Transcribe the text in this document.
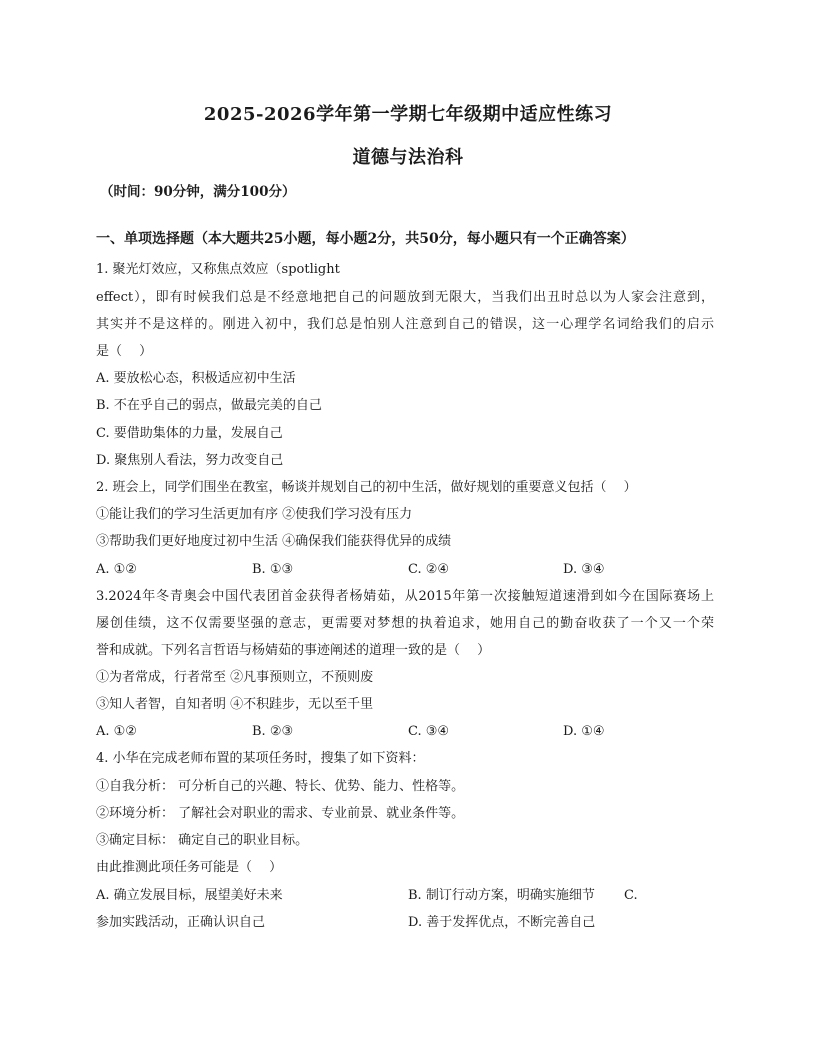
2025-2026学年第一学期七年级期中适应性练习
道德与法治科
（时间：90分钟，满分100分）
一、单项选择题（本大题共25小题，每小题2分，共50分，每小题只有一个正确答案）
1. 聚光灯效应，又称焦点效应（spotlight
effect），即有时候我们总是不经意地把自己的问题放到无限大，当我们出丑时总以为人家会注意到，
其实并不是这样的。刚进入初中，我们总是怕别人注意到自己的错误，这一心理学名词给我们的启示
是（　 ）
A. 要放松心态，积极适应初中生活
B. 不在乎自己的弱点，做最完美的自己
C. 要借助集体的力量，发展自己
D. 聚焦别人看法，努力改变自己
2. 班会上，同学们围坐在教室，畅谈并规划自己的初中生活，做好规划的重要意义包括（　 ）
①能让我们的学习生活更加有序 ②使我们学习没有压力
③帮助我们更好地度过初中生活 ④确保我们能获得优异的成绩
A. ①②	B. ①③	C. ②④	D. ③④
3.2024年冬青奥会中国代表团首金获得者杨婧茹，从2015年第一次接触短道速滑到如今在国际赛场上
屡创佳绩，这不仅需要坚强的意志，更需要对梦想的执着追求，她用自己的勤奋收获了一个又一个荣
誉和成就。下列名言哲语与杨婧茹的事迹阐述的道理一致的是（　 ）
①为者常成，行者常至 ②凡事预则立，不预则废
③知人者智，自知者明 ④不积跬步，无以至千里
A. ①②	B. ②③	C. ③④	D. ①④
4. 小华在完成老师布置的某项任务时，搜集了如下资料：
①自我分析： 可分析自己的兴趣、特长、优势、能力、性格等。
②环境分析： 了解社会对职业的需求、专业前景、就业条件等。
③确定目标： 确定自己的职业目标。
由此推测此项任务可能是（　 ）
A. 确立发展目标，展望美好未来	B. 制订行动方案，明确实施细节 C.
参加实践活动，正确认识自己	D. 善于发挥优点，不断完善自己
